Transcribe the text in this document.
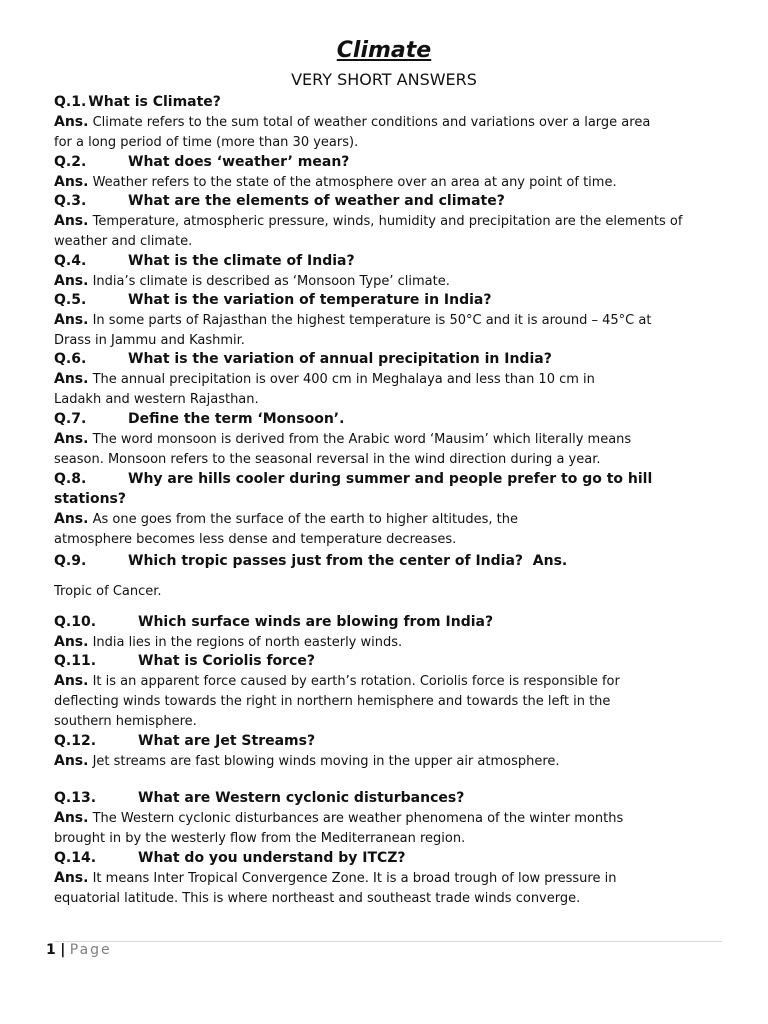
Climate
VERY SHORT ANSWERS
Q.1. What is Climate?
Ans. Climate refers to the sum total of weather conditions and variations over a large area
for a long period of time (more than 30 years).
Q.2.	What does ‘weather’ mean?
Ans. Weather refers to the state of the atmosphere over an area at any point of time.
Q.3.	What are the elements of weather and climate?
Ans. Temperature, atmospheric pressure, winds, humidity and precipitation are the elements of
weather and climate.
Q.4.	What is the climate of India?
Ans. India’s climate is described as ‘Monsoon Type’ climate.
Q.5.	What is the variation of temperature in India?
Ans. In some parts of Rajasthan the highest temperature is 50°C and it is around – 45°C at
Drass in Jammu and Kashmir.
Q.6.	What is the variation of annual precipitation in India?
Ans. The annual precipitation is over 400 cm in Meghalaya and less than 10 cm in
Ladakh and western Rajasthan.
Q.7.	Define the term ‘Monsoon’.
Ans. The word monsoon is derived from the Arabic word ‘Mausim’ which literally means
season. Monsoon refers to the seasonal reversal in the wind direction during a year.
Q.8.	Why are hills cooler during summer and people prefer to go to hill
stations?
Ans. As one goes from the surface of the earth to higher altitudes, the
atmosphere becomes less dense and temperature decreases.
Q.9.	Which tropic passes just from the center of India? Ans.
Tropic of Cancer.
Q.10.	Which surface winds are blowing from India?
Ans. India lies in the regions of north easterly winds.
Q.11.	What is Coriolis force?
Ans. It is an apparent force caused by earth’s rotation. Coriolis force is responsible for
deflecting winds towards the right in northern hemisphere and towards the left in the
southern hemisphere.
Q.12.	What are Jet Streams?
Ans. Jet streams are fast blowing winds moving in the upper air atmosphere.
Q.13.	What are Western cyclonic disturbances?
Ans. The Western cyclonic disturbances are weather phenomena of the winter months
brought in by the westerly flow from the Mediterranean region.
Q.14.	What do you understand by ITCZ?
Ans. It means Inter Tropical Convergence Zone. It is a broad trough of low pressure in
equatorial latitude. This is where northeast and southeast trade winds converge.
1 | Page
